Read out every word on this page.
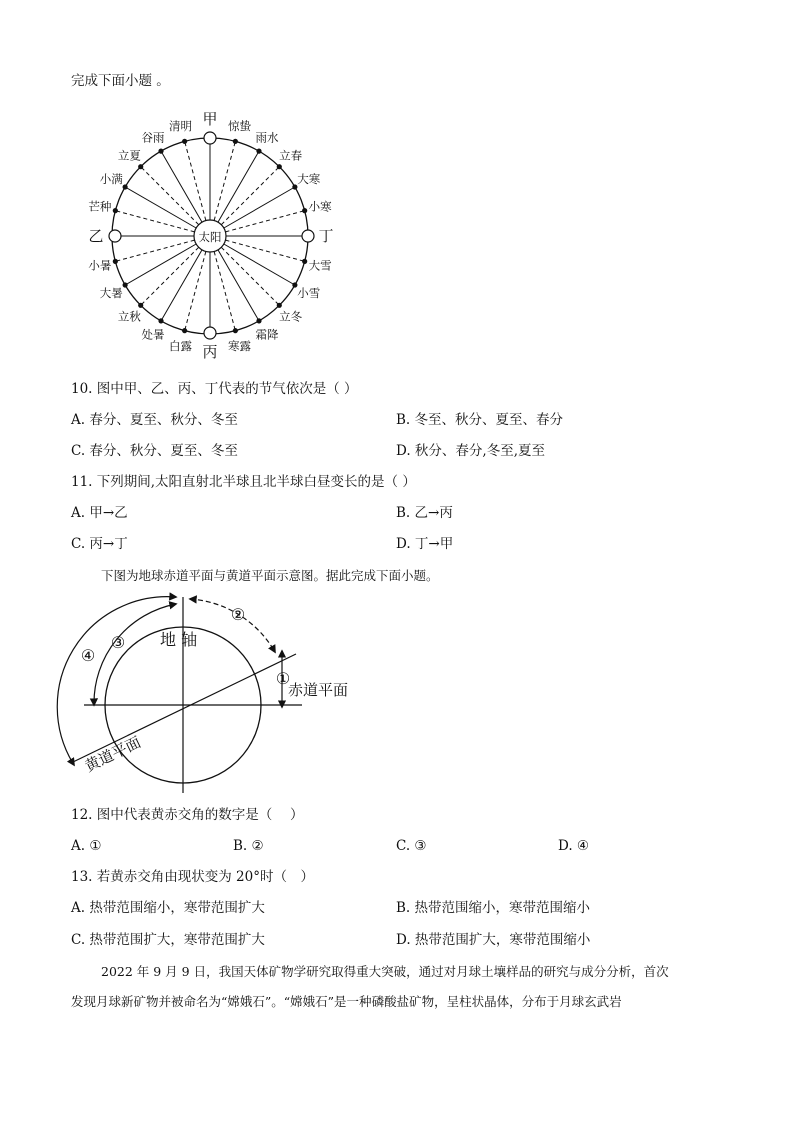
完成下面小题 。
太阳
甲
乙
丙
丁
惊蛰
雨水
立春
大寒
小寒
大雪
小雪
立冬
霜降
寒露
白露
处暑
立秋
大暑
小暑
芒种
小满
立夏
谷雨
清明
10. 图中甲、乙、丙、丁代表的节气依次是（ ）
A. 春分、夏至、秋分、冬至	B. 冬至、秋分、夏至、春分
C. 春分、秋分、夏至、冬至	D. 秋分、春分,冬至,夏至
11. 下列期间,太阳直射北半球且北半球白昼变长的是（ ）
A. 甲→乙	B. 乙→丙
C. 丙→丁	D. 丁→甲
下图为地球赤道平面与黄道平面示意图。据此完成下面小题。
地 轴
赤道平面
黄道平面
①
②
③
④
12. 图中代表黄赤交角的数字是（　 ）
A. ①	B. ②	C. ③	D. ④
13. 若黄赤交角由现状变为 20°时（　）
A. 热带范围缩小，寒带范围扩大	B. 热带范围缩小，寒带范围缩小
C. 热带范围扩大，寒带范围扩大	D. 热带范围扩大，寒带范围缩小
2022 年 9 月 9 日，我国天体矿物学研究取得重大突破，通过对月球土壤样品的研究与成分分析，首次
发现月球新矿物并被命名为“嫦娥石”。“嫦娥石”是一种磷酸盐矿物，呈柱状晶体，分布于月球玄武岩
